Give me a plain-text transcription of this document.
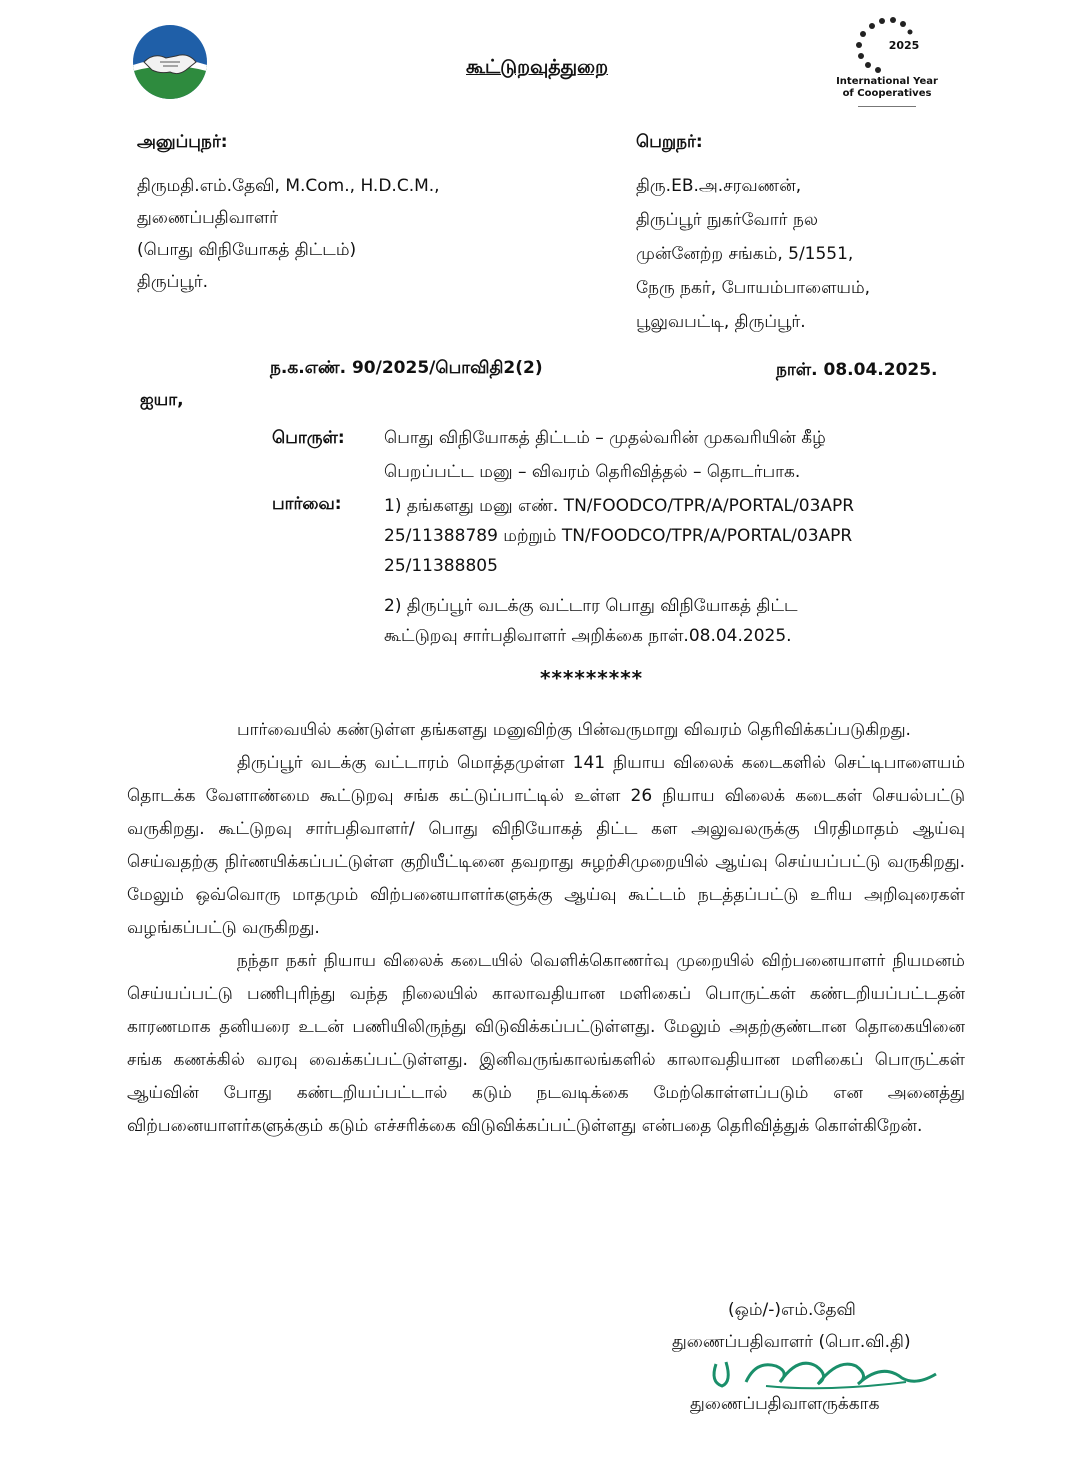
கூட்டுறவுத்துறை
2025
International Year
of Cooperatives
அனுப்புநர்:
திருமதி.எம்.தேவி, M.Com., H.D.C.M.,
துணைப்பதிவாளர்
(பொது விநியோகத் திட்டம்)
திருப்பூர்.
பெறுநர்:
திரு.EB.அ.சரவணன்,
திருப்பூர் நுகர்வோர் நல
முன்னேற்ற சங்கம், 5/1551,
நேரு நகர், போயம்பாளையம்,
பூலுவபட்டி, திருப்பூர்.
ந.க.எண். 90/2025/பொவிதி2(2)	நாள். 08.04.2025.
ஐயா,
பொருள்: பொது விநியோகத் திட்டம் – முதல்வரின் முகவரியின் கீழ்
பெறப்பட்ட மனு – விவரம் தெரிவித்தல் – தொடர்பாக.
பார்வை: 1) தங்களது மனு எண். TN/FOODCO/TPR/A/PORTAL/03APR
25/11388789 மற்றும் TN/FOODCO/TPR/A/PORTAL/03APR
25/11388805
2) திருப்பூர் வடக்கு வட்டார பொது விநியோகத் திட்ட
கூட்டுறவு சார்பதிவாளர் அறிக்கை நாள்.08.04.2025.
*********

பார்வையில் கண்டுள்ள தங்களது மனுவிற்கு பின்வருமாறு விவரம் தெரிவிக்கப்படுகிறது.

திருப்பூர் வடக்கு வட்டாரம் மொத்தமுள்ள 141 நியாய விலைக் கடைகளில் செட்டிபாளையம் தொடக்க வேளாண்மை கூட்டுறவு சங்க கட்டுப்பாட்டில் உள்ள 26 நியாய விலைக் கடைகள் செயல்பட்டு வருகிறது. கூட்டுறவு சார்பதிவாளர்/ பொது விநியோகத் திட்ட கள அலுவலருக்கு பிரதிமாதம் ஆய்வு செய்வதற்கு நிர்ணயிக்கப்பட்டுள்ள குறியீட்டினை தவறாது சுழற்சிமுறையில் ஆய்வு செய்யப்பட்டு வருகிறது. மேலும் ஒவ்வொரு மாதமும் விற்பனையாளர்களுக்கு ஆய்வு கூட்டம் நடத்தப்பட்டு உரிய அறிவுரைகள் வழங்கப்பட்டு வருகிறது.

நந்தா நகர் நியாய விலைக் கடையில் வெளிக்கொணர்வு முறையில் விற்பனையாளர் நியமனம் செய்யப்பட்டு பணிபுரிந்து வந்த நிலையில் காலாவதியான மளிகைப் பொருட்கள் கண்டறியப்பட்டதன் காரணமாக தனியரை உடன் பணியிலிருந்து விடுவிக்கப்பட்டுள்ளது. மேலும் அதற்குண்டான தொகையினை சங்க கணக்கில் வரவு வைக்கப்பட்டுள்ளது. இனிவருங்காலங்களில் காலாவதியான மளிகைப் பொருட்கள் ஆய்வின் போது கண்டறியப்பட்டால் கடும் நடவடிக்கை மேற்கொள்ளப்படும் என அனைத்து விற்பனையாளர்களுக்கும் கடும் எச்சரிக்கை விடுவிக்கப்பட்டுள்ளது என்பதை தெரிவித்துக் கொள்கிறேன்.

(ஒம்/-)எம்.தேவி
துணைப்பதிவாளர் (பொ.வி.தி)
துணைப்பதிவாளருக்காக
